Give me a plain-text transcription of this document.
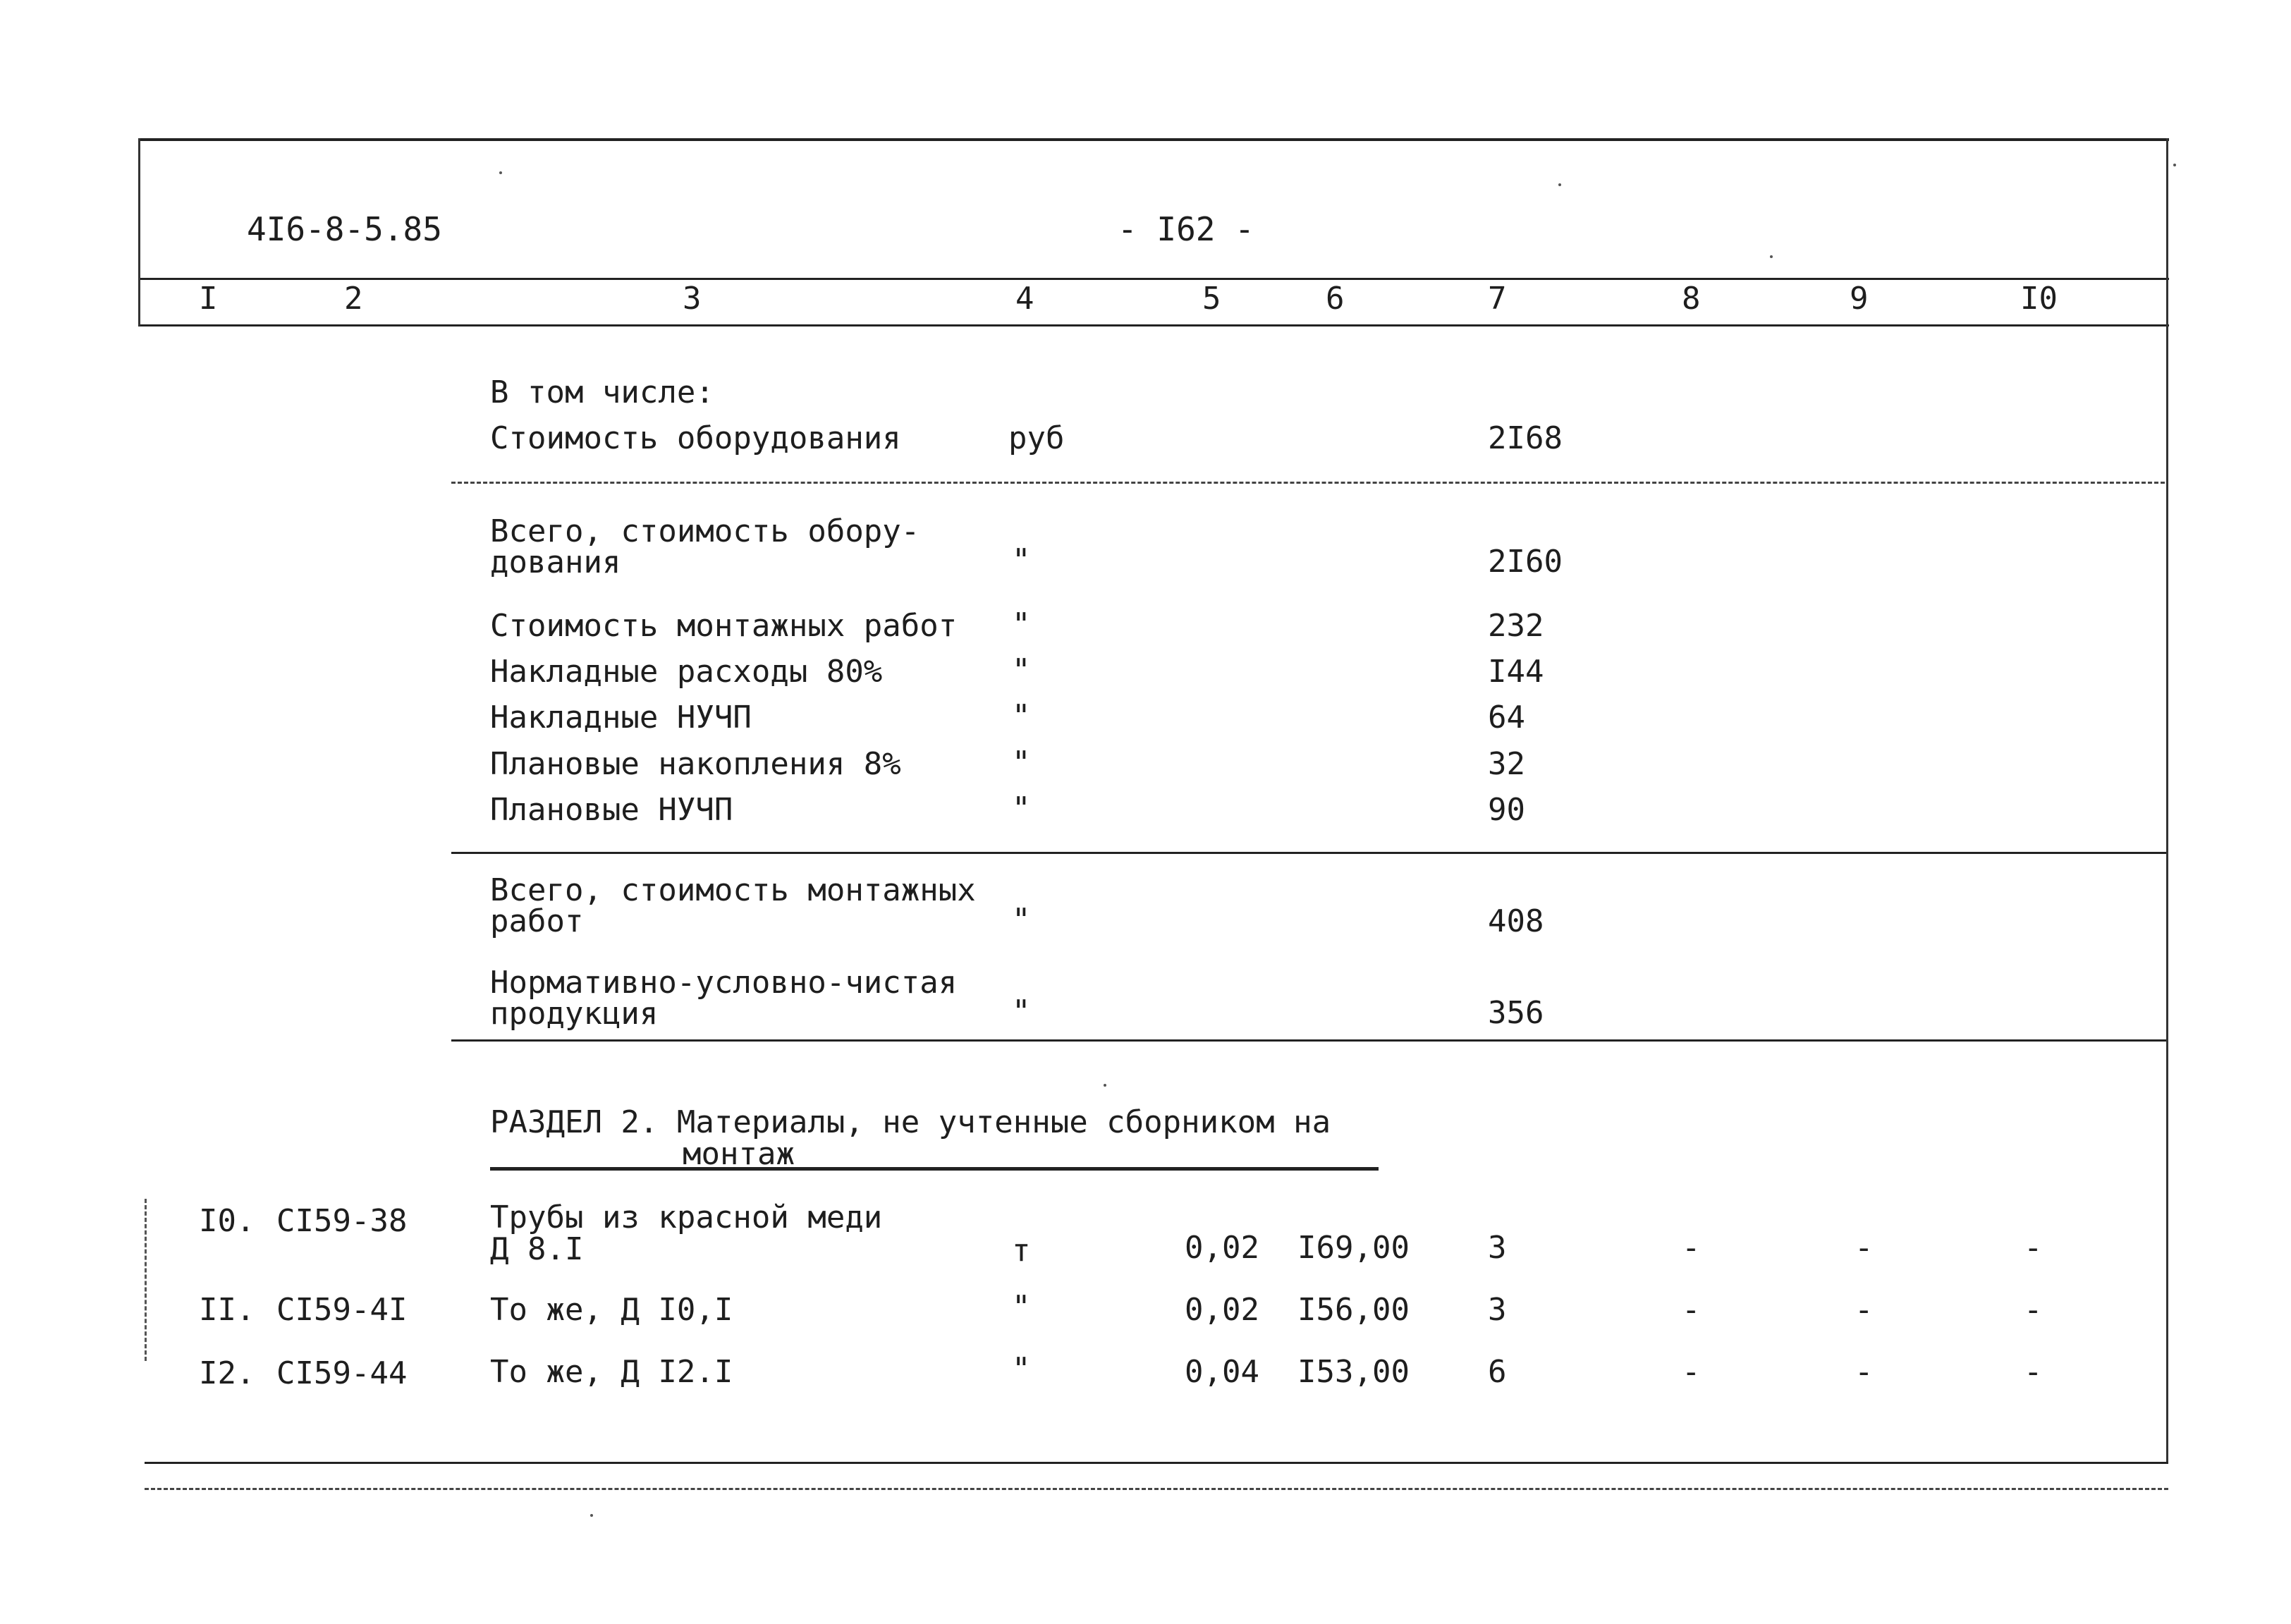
4I6-8-5.85	- I62 -
I	2	3	4	5	6	7	8	9	I0
В том числе:
Стоимость оборудования	руб	2I68
Всего, стоимость обору-дования	"	2I60
Стоимость монтажных работ "	232
Накладные расходы 80%	"	I44
Накладные НУЧП	"	64
Плановые накопления 8%	"	32
Плановые НУЧП	"	90
Всего, стоимость монтажных работ	"	408
Нормативно-условно-чистая продукция	"	356
РАЗДЕЛ 2. Материалы, не учтенные сборником на
монтаж
I0. CI59-38	Трубы из красной меди
Д 8.I	т	0,02 I69,00	3	-	-	-
II. CI59-4I	То же, Д I0,I	"	0,02 I56,00	3	-	-	-
I2. CI59-44	То же, Д I2.I	"	0,04 I53,00	6	-	-	-
